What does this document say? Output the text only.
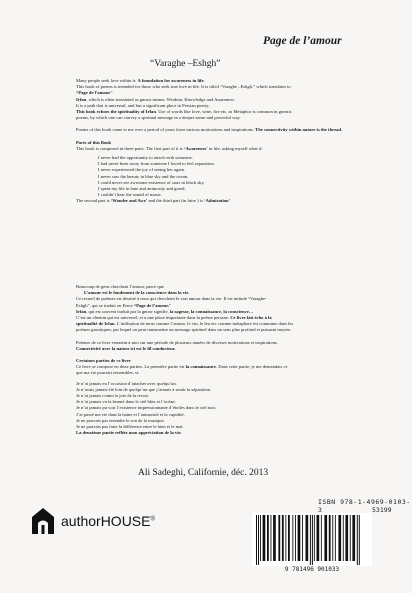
Page de l’amour
“Varaghe –Eshgh”

Many people seek love within it: A foundation for awareness in life.

This book of poems is intended for those who seek true love in life. It is titled “Varaghe –Eshgh,” which translates to

“Page de l’amour”

Irfan, which is often translated as gnosis means: Wisdom, Knowledge and Awareness.

It is a path that is universal, and has a significant place in Persian poetry.

This book echoes the spirituality of Irfan. Use of words like love, wine, fire etc. as Metaphor is common in gnostic

poems, by which one can convey a spiritual message in a deeper sense and powerful way.

Poems of this book came to me over a period of years from various motivations and inspirations. The connectivity within nature is the thread.

Parts of this Book

This book is composed in three parts. The first part of it is ‘Awareness’ in life, asking myself what if:

I never had the opportunity to attach with someone.

I had never been away from someone I loved to feel separation.

I never experienced the joy of seeing her again.

I never saw the beauty in blue sky and the ocean.

I could never see awesome existence of stars in black sky.

I spent my life in hate and animosity and greed.

I couldn’t hear the sound of music.

The second part is ‘Wonder and Awe’ and the third part (in futre ) is ‘Admiration’

Beaucoup de gens cherchent l’amour, parce que

L’amour est le fondement de la conscience dans la vie.

Ce recueil de poèmes est destiné à ceux qui cherchent le vrai amour dans la vie. Il est intitulé “Varaghe-

Eshgh”, qui se traduit en Frace “Page de l’amour.”

Irfan, qui est souvent traduit par la gnose signifie, la sagesse, la connaissance, la conscience…

C’est un chemin qui est universel, et a une place importante dans la poésie persane. Ce livre fait écho à la

spiritualité de Irfan. L’utilisation de mots comme l’amour, le vin, le feu etc comme métaphore est commune dans les

poèmes gnostiques, par lequel on peut transmettre un message spirituel dans un sens plus profond et puissant moyen.

Poèmes de ce livre venaient à moi sur une période de plusieurs années de diverses motivations et inspirations.

Connectivité avec la nature ici est le fil conducteur.

Certaines parties de ce livre

Ce livre se compose en deux parties. La première partie est la connaissance. Dans cette partie, je me demandais ce

que ma vie pourrait ressembler, si:

Je n’ai jamais eu l’occasion d’attacher avec quelqu’un.

Je n’avais jamais été loin de quelqu’un que j’aimais à sentir la séparation.

Je n’ai jamais connu la joie de la revoir.

Je n’ai jamais vu la beauté dans le ciel bleu et l’océan.

Je n’ai jamais pu voir l’existence impressionnante d’étoiles dans le ciel noir.

J’ai passé ma vie dans la haine et l’animosité et la cupidité.

Je ne pouvais pas entendre le son de la musique.

Je ne pouvais pas faire la différence entre le bien et le mal.

La deuxième partie reflète mon appréciation de la vie.

Ali Sadeghi, Californie, déc. 2013
authorHOUSE®
ISBN 978-1-4969-0103-3	53199
9 781496 901033
